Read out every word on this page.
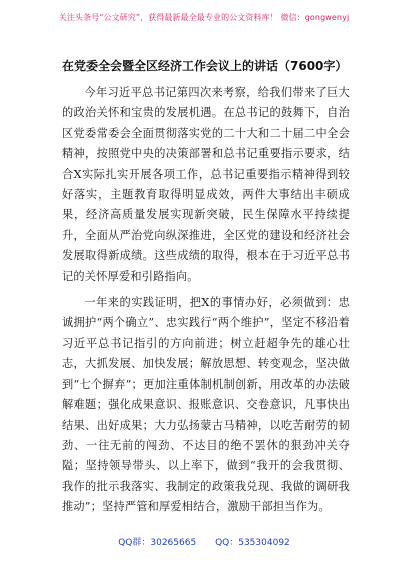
关注头条号“公文研究”，获得最新最全最专业的公文资料库！ 微信：gongwenyj
在党委全会暨全区经济工作会议上的讲话（7600字）

今年习近平总书记第四次来考察，给我们带来了巨大的政治关怀和宝贵的发展机遇。在总书记的鼓舞下，自治区党委常委会全面贯彻落实党的二十大和二十届二中全会精神，按照党中央的决策部署和总书记重要指示要求，结合X实际扎实开展各项工作，总书记重要指示精神得到较好落实，主题教育取得明显成效，两件大事结出丰硕成果，经济高质量发展实现新突破，民生保障水平持续提升，全面从严治党向纵深推进，全区党的建设和经济社会发展取得新成绩。这些成绩的取得，根本在于习近平总书记的关怀厚爱和引路指向。

一年来的实践证明，把X的事情办好，必须做到：忠诚拥护“两个确立”、忠实践行“两个维护”，坚定不移沿着习近平总书记指引的方向前进；树立赶超争先的雄心壮志，大抓发展、加快发展；解放思想、转变观念，坚决做到“七个摒弃”；更加注重体制机制创新，用改革的办法破解难题；强化成果意识、报账意识、交卷意识，凡事快出结果、出好成果；大力弘扬蒙古马精神，以吃苦耐劳的韧劲、一往无前的闯劲、不达目的绝不罢休的狠劲冲关夺隘；坚持领导带头、以上率下，做到“我开的会我贯彻、我作的批示我落实、我制定的政策我兑现、我做的调研我推动”；坚持严管和厚爱相结合，激励干部担当作为。

QQ群：30265665 QQ：535304092
